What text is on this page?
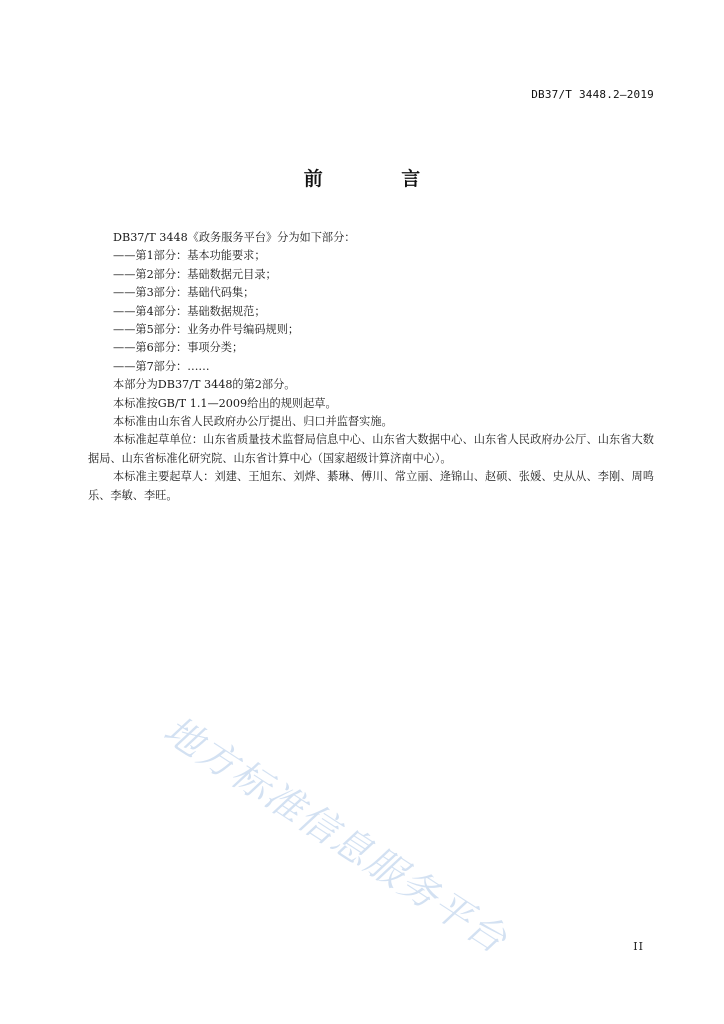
DB37/T 3448.2—2019
前 言

DB37/T 3448《政务服务平台》分为如下部分：

——第1部分：基本功能要求；

——第2部分：基础数据元目录；

——第3部分：基础代码集；

——第4部分：基础数据规范；

——第5部分：业务办件号编码规则；

——第6部分：事项分类；

——第7部分：……

本部分为DB37/T 3448的第2部分。

本标准按GB/T 1.1—2009给出的规则起草。

本标准由山东省人民政府办公厅提出、归口并监督实施。

本标准起草单位：山东省质量技术监督局信息中心、山东省大数据中心、山东省人民政府办公厅、山东省大数据局、山东省标准化研究院、山东省计算中心（国家超级计算济南中心）。

本标准主要起草人：刘建、王旭东、刘烨、綦琳、傅川、常立丽、逄锦山、赵硕、张媛、史从从、李刚、周鸣乐、李敏、李旺。

地方标准信息服务平台	II
